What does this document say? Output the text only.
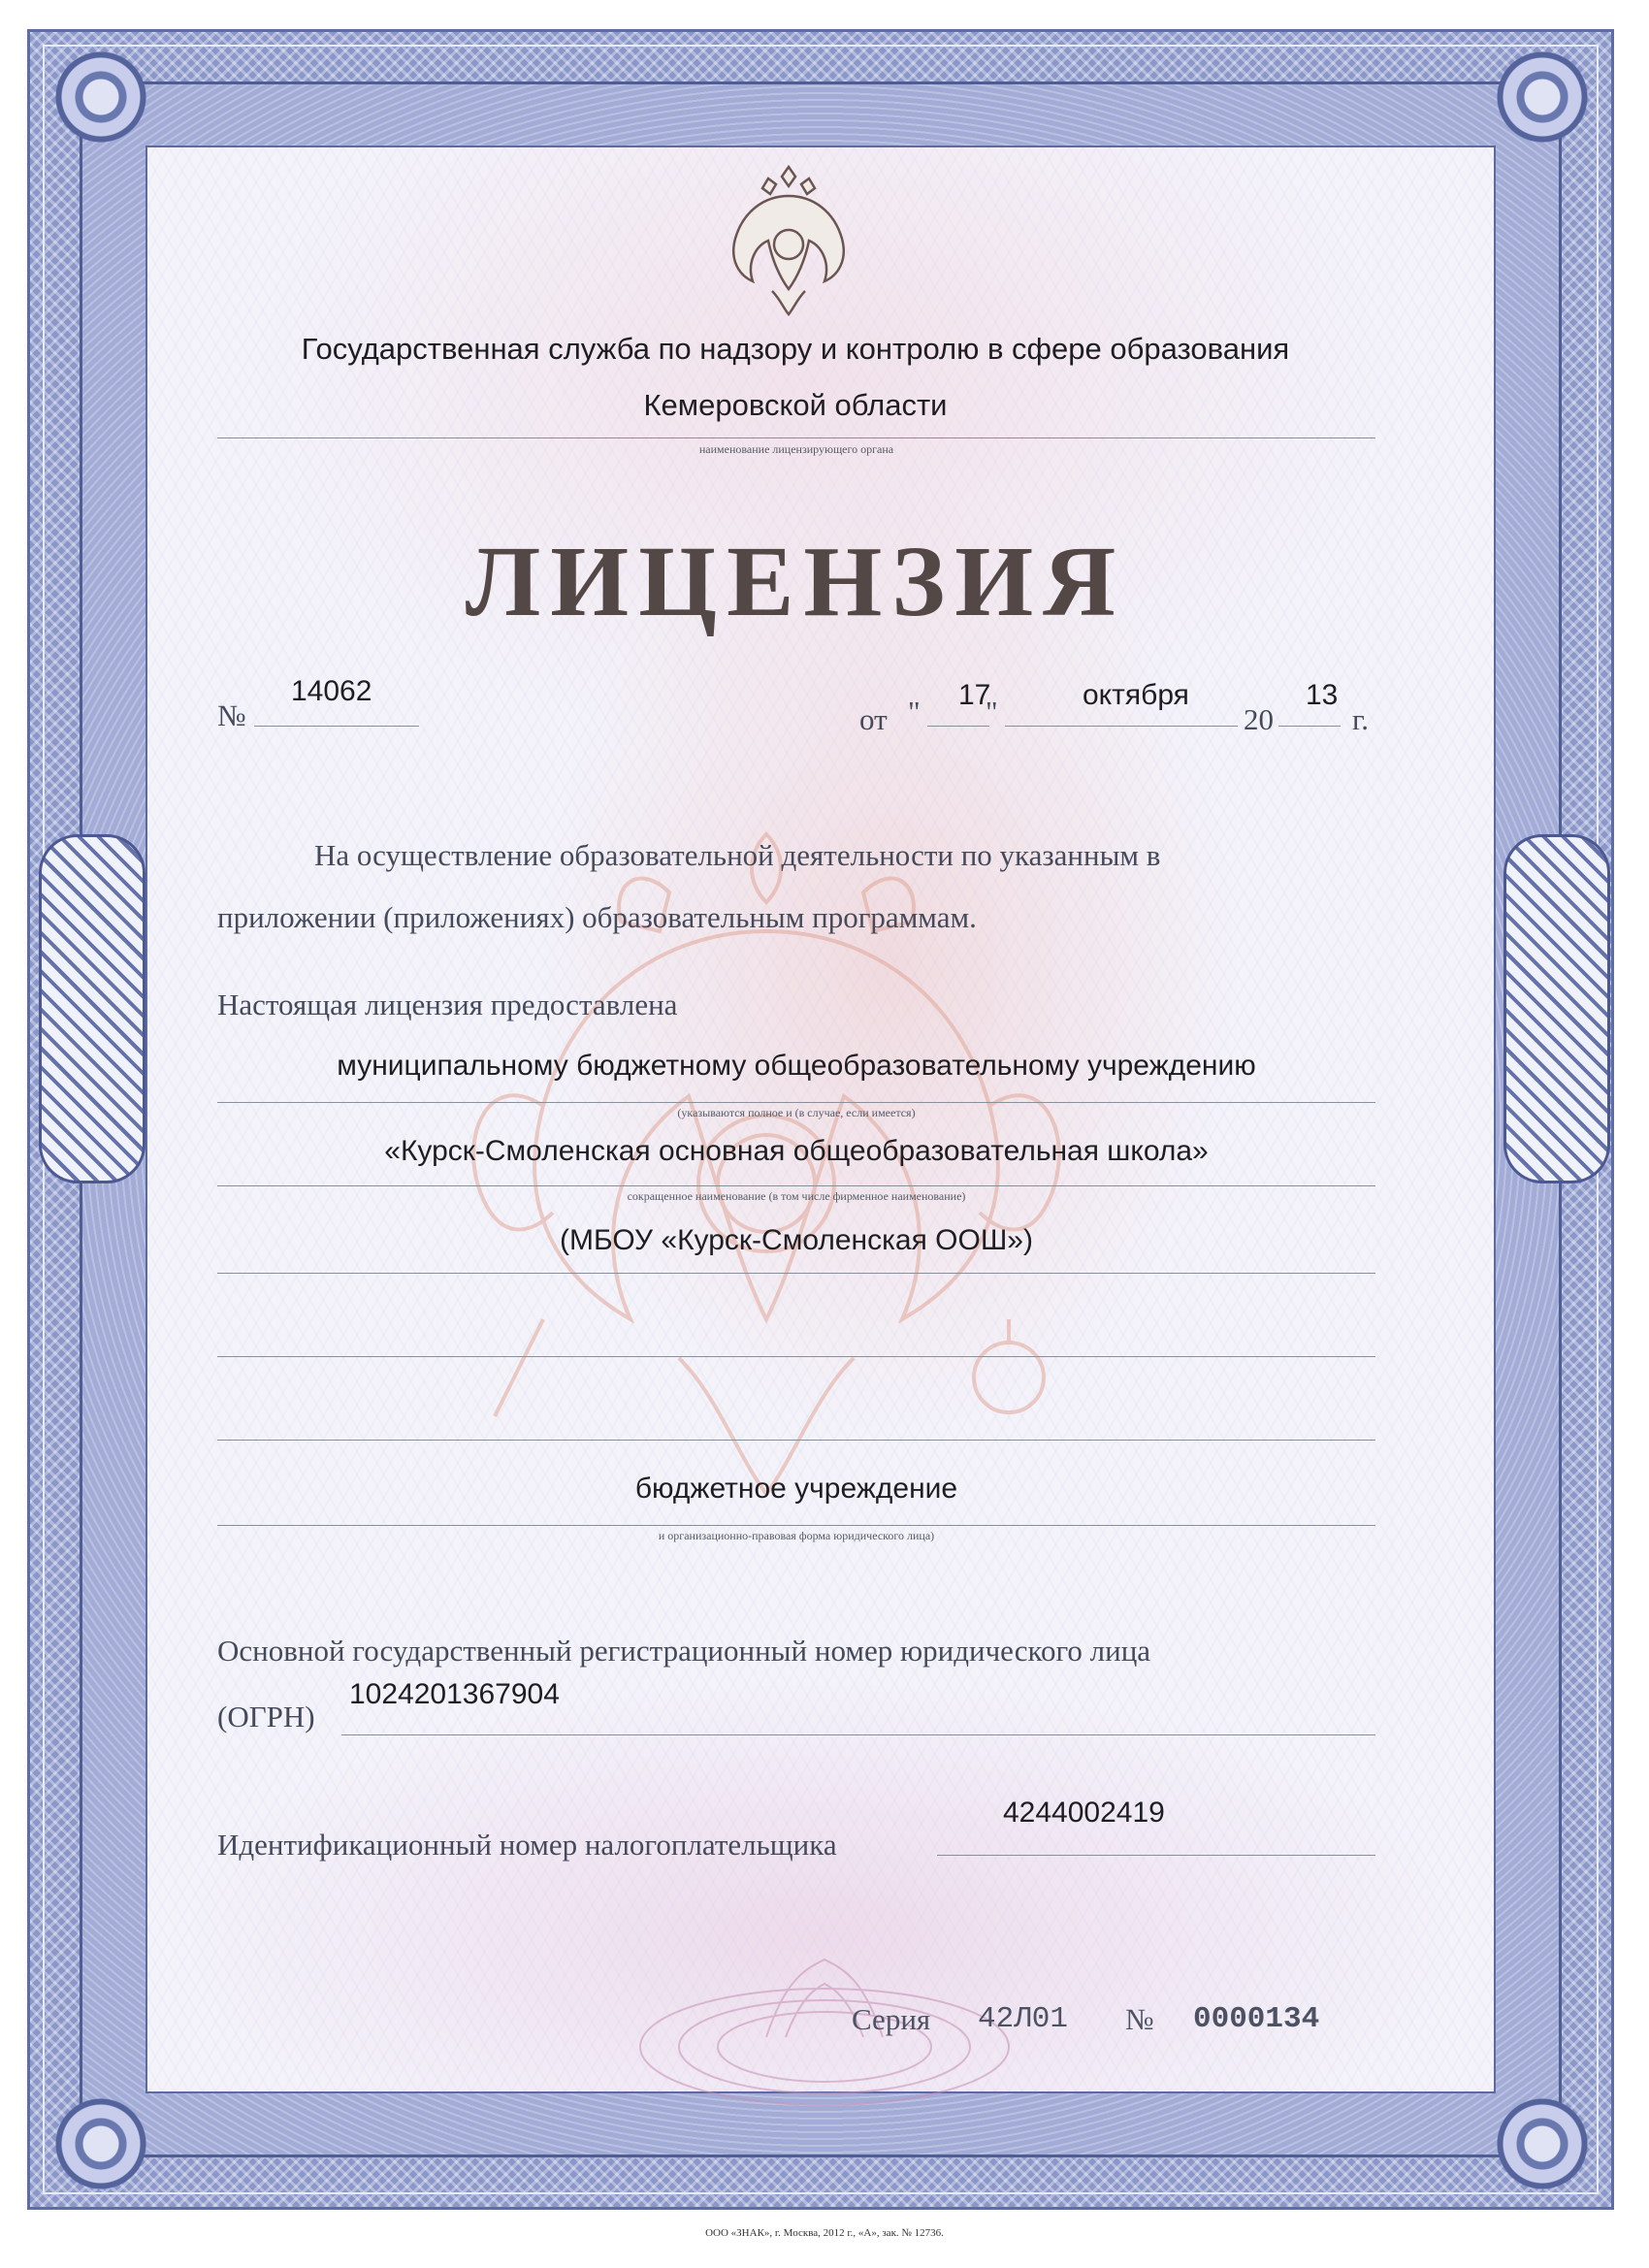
Государственная служба по надзору и контролю в сфере образования
Кемеровской области
наименование лицензирующего органа
ЛИЦЕНЗИЯ
№
14062
от " 17
"	октября
20
13
г.
На осуществление образовательной деятельности по указанным в
приложении (приложениях) образовательным программам.
Настоящая лицензия предоставлена
муниципальному бюджетному общеобразовательному учреждению
(указываются полное и (в случае, если имеется)
«Курск-Смоленская основная общеобразовательная школа»
сокращенное наименование (в том числе фирменное наименование)
(МБОУ «Курск-Смоленская ООШ»)
бюджетное учреждение
и организационно-правовая форма юридического лица)
Основной государственный регистрационный номер юридического лица
(ОГРН)
1024201367904
Идентификационный номер налогоплательщика
4244002419
Серия 42Л01 № 0000134
ООО «ЗНАК», г. Москва, 2012 г., «А», зак. № 12736.
